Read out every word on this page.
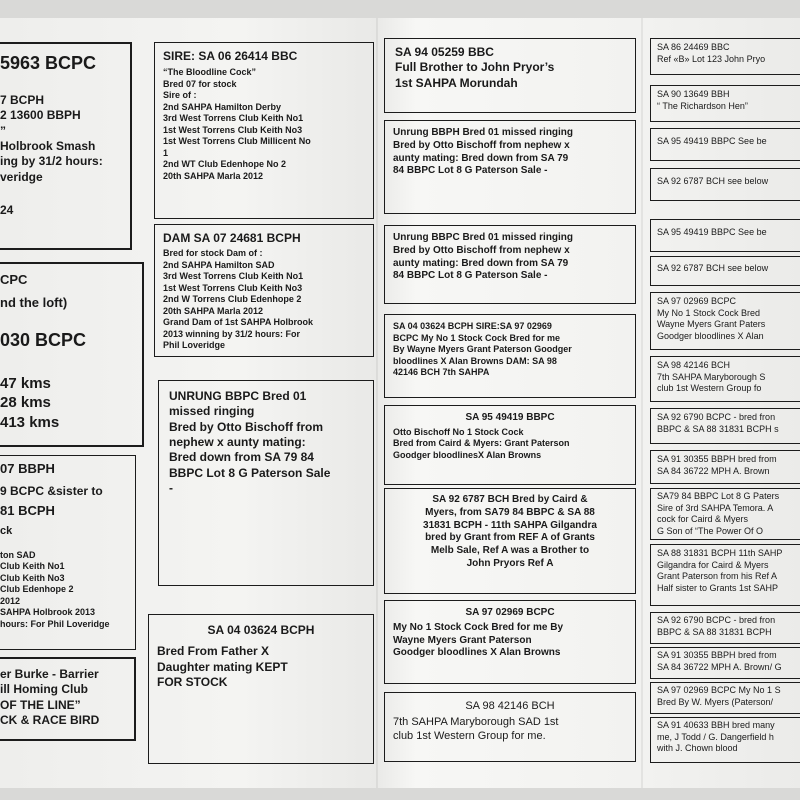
5963 BCPC
7 BCPH
2 13600 BBPH
”
Holbrook Smash
ing by 31/2 hours:
veridge
24
CPC
nd the loft)
030 BCPC
47 kms
28 kms
413 kms
07 BBPH
9 BCPC &sister to
81 BCPH
ck
ton SAD
Club Keith No1
Club Keith No3
Club Edenhope 2
2012
SAHPA Holbrook 2013
hours: For Phil Loveridge
er Burke - Barrier
ill Homing Club
OF THE LINE”
CK & RACE BIRD
SIRE: SA 06 26414 BBC
“The Bloodline Cock”
Bred 07 for stock
Sire of :
2nd SAHPA Hamilton Derby
3rd West Torrens Club Keith No1
1st West Torrens Club Keith No3
1st West Torrens Club Millicent No
1
2nd WT Club Edenhope No 2
20th SAHPA Marla 2012
DAM SA 07 24681 BCPH
Bred for stock Dam of :
2nd SAHPA Hamilton SAD
3rd West Torrens Club Keith No1
1st West Torrens Club Keith No3
2nd W Torrens Club Edenhope 2
20th SAHPA Marla 2012
Grand Dam of 1st SAHPA Holbrook
2013 winning by 31/2 hours: For
Phil Loveridge
UNRUNG BBPC Bred 01
missed ringing
Bred by Otto Bischoff from
nephew x aunty mating:
Bred down from SA 79 84
BBPC Lot 8 G Paterson Sale
-
SA 04 03624 BCPH
Bred From Father X
Daughter mating KEPT
FOR STOCK
SA 94 05259 BBC
Full Brother to John Pryor’s
1st SAHPA Morundah
Unrung BBPH Bred 01 missed ringing
Bred by Otto Bischoff from nephew x
aunty mating: Bred down from SA 79
84 BBPC Lot 8 G Paterson Sale -
Unrung BBPC Bred 01 missed ringing
Bred by Otto Bischoff from nephew x
aunty mating: Bred down from SA 79
84 BBPC Lot 8 G Paterson Sale -
SA 04 03624 BCPH SIRE:SA 97 02969
BCPC My No 1 Stock Cock Bred for me
By Wayne Myers Grant Paterson Goodger
bloodlines X Alan Browns DAM: SA 98
42146 BCH 7th SAHPA
SA 95 49419 BBPC
Otto Bischoff No 1 Stock Cock
Bred from Caird & Myers: Grant Paterson
Goodger bloodlinesX Alan Browns
SA 92 6787 BCH Bred by Caird &
Myers, from SA79 84 BBPC & SA 88
31831 BCPH - 11th SAHPA Gilgandra
bred by Grant from REF A of Grants
Melb Sale, Ref A was a Brother to
John Pryors Ref A
SA 97 02969 BCPC
My No 1 Stock Cock Bred for me By
Wayne Myers Grant Paterson
Goodger bloodlines X Alan Browns
SA 98 42146 BCH
7th SAHPA Maryborough SAD 1st
club 1st Western Group for me.
SA 86 24469 BBC
Ref «B» Lot 123 John Pryo
SA 90 13649 BBH
“ The Richardson Hen”
SA 95 49419 BBPC See be
SA 92 6787 BCH see below
SA 95 49419 BBPC See be
SA 92 6787 BCH see below
SA 97 02969 BCPC
My No 1 Stock Cock Bred
Wayne Myers Grant Paters
Goodger bloodlines X Alan
SA 98 42146 BCH
7th SAHPA Maryborough S
club 1st Western Group fo
SA 92 6790 BCPC - bred fron
BBPC & SA 88 31831 BCPH s
SA 91 30355 BBPH bred from
SA 84 36722 MPH A. Brown
SA79 84 BBPC Lot 8 G Paters
Sire of 3rd SAHPA Temora. A
cock for Caird & Myers
G Son of “The Power Of O
SA 88 31831 BCPH 11th SAHP
Gilgandra for Caird & Myers
Grant Paterson from his Ref A
Half sister to Grants 1st SAHP
SA 92 6790 BCPC - bred fron
BBPC & SA 88 31831 BCPH
SA 91 30355 BBPH bred from
SA 84 36722 MPH A. Brown/ G
SA 97 02969 BCPC My No 1 S
Bred By W. Myers (Paterson/
SA 91 40633 BBH bred many
me, J Todd / G. Dangerfield h
with J. Chown blood
